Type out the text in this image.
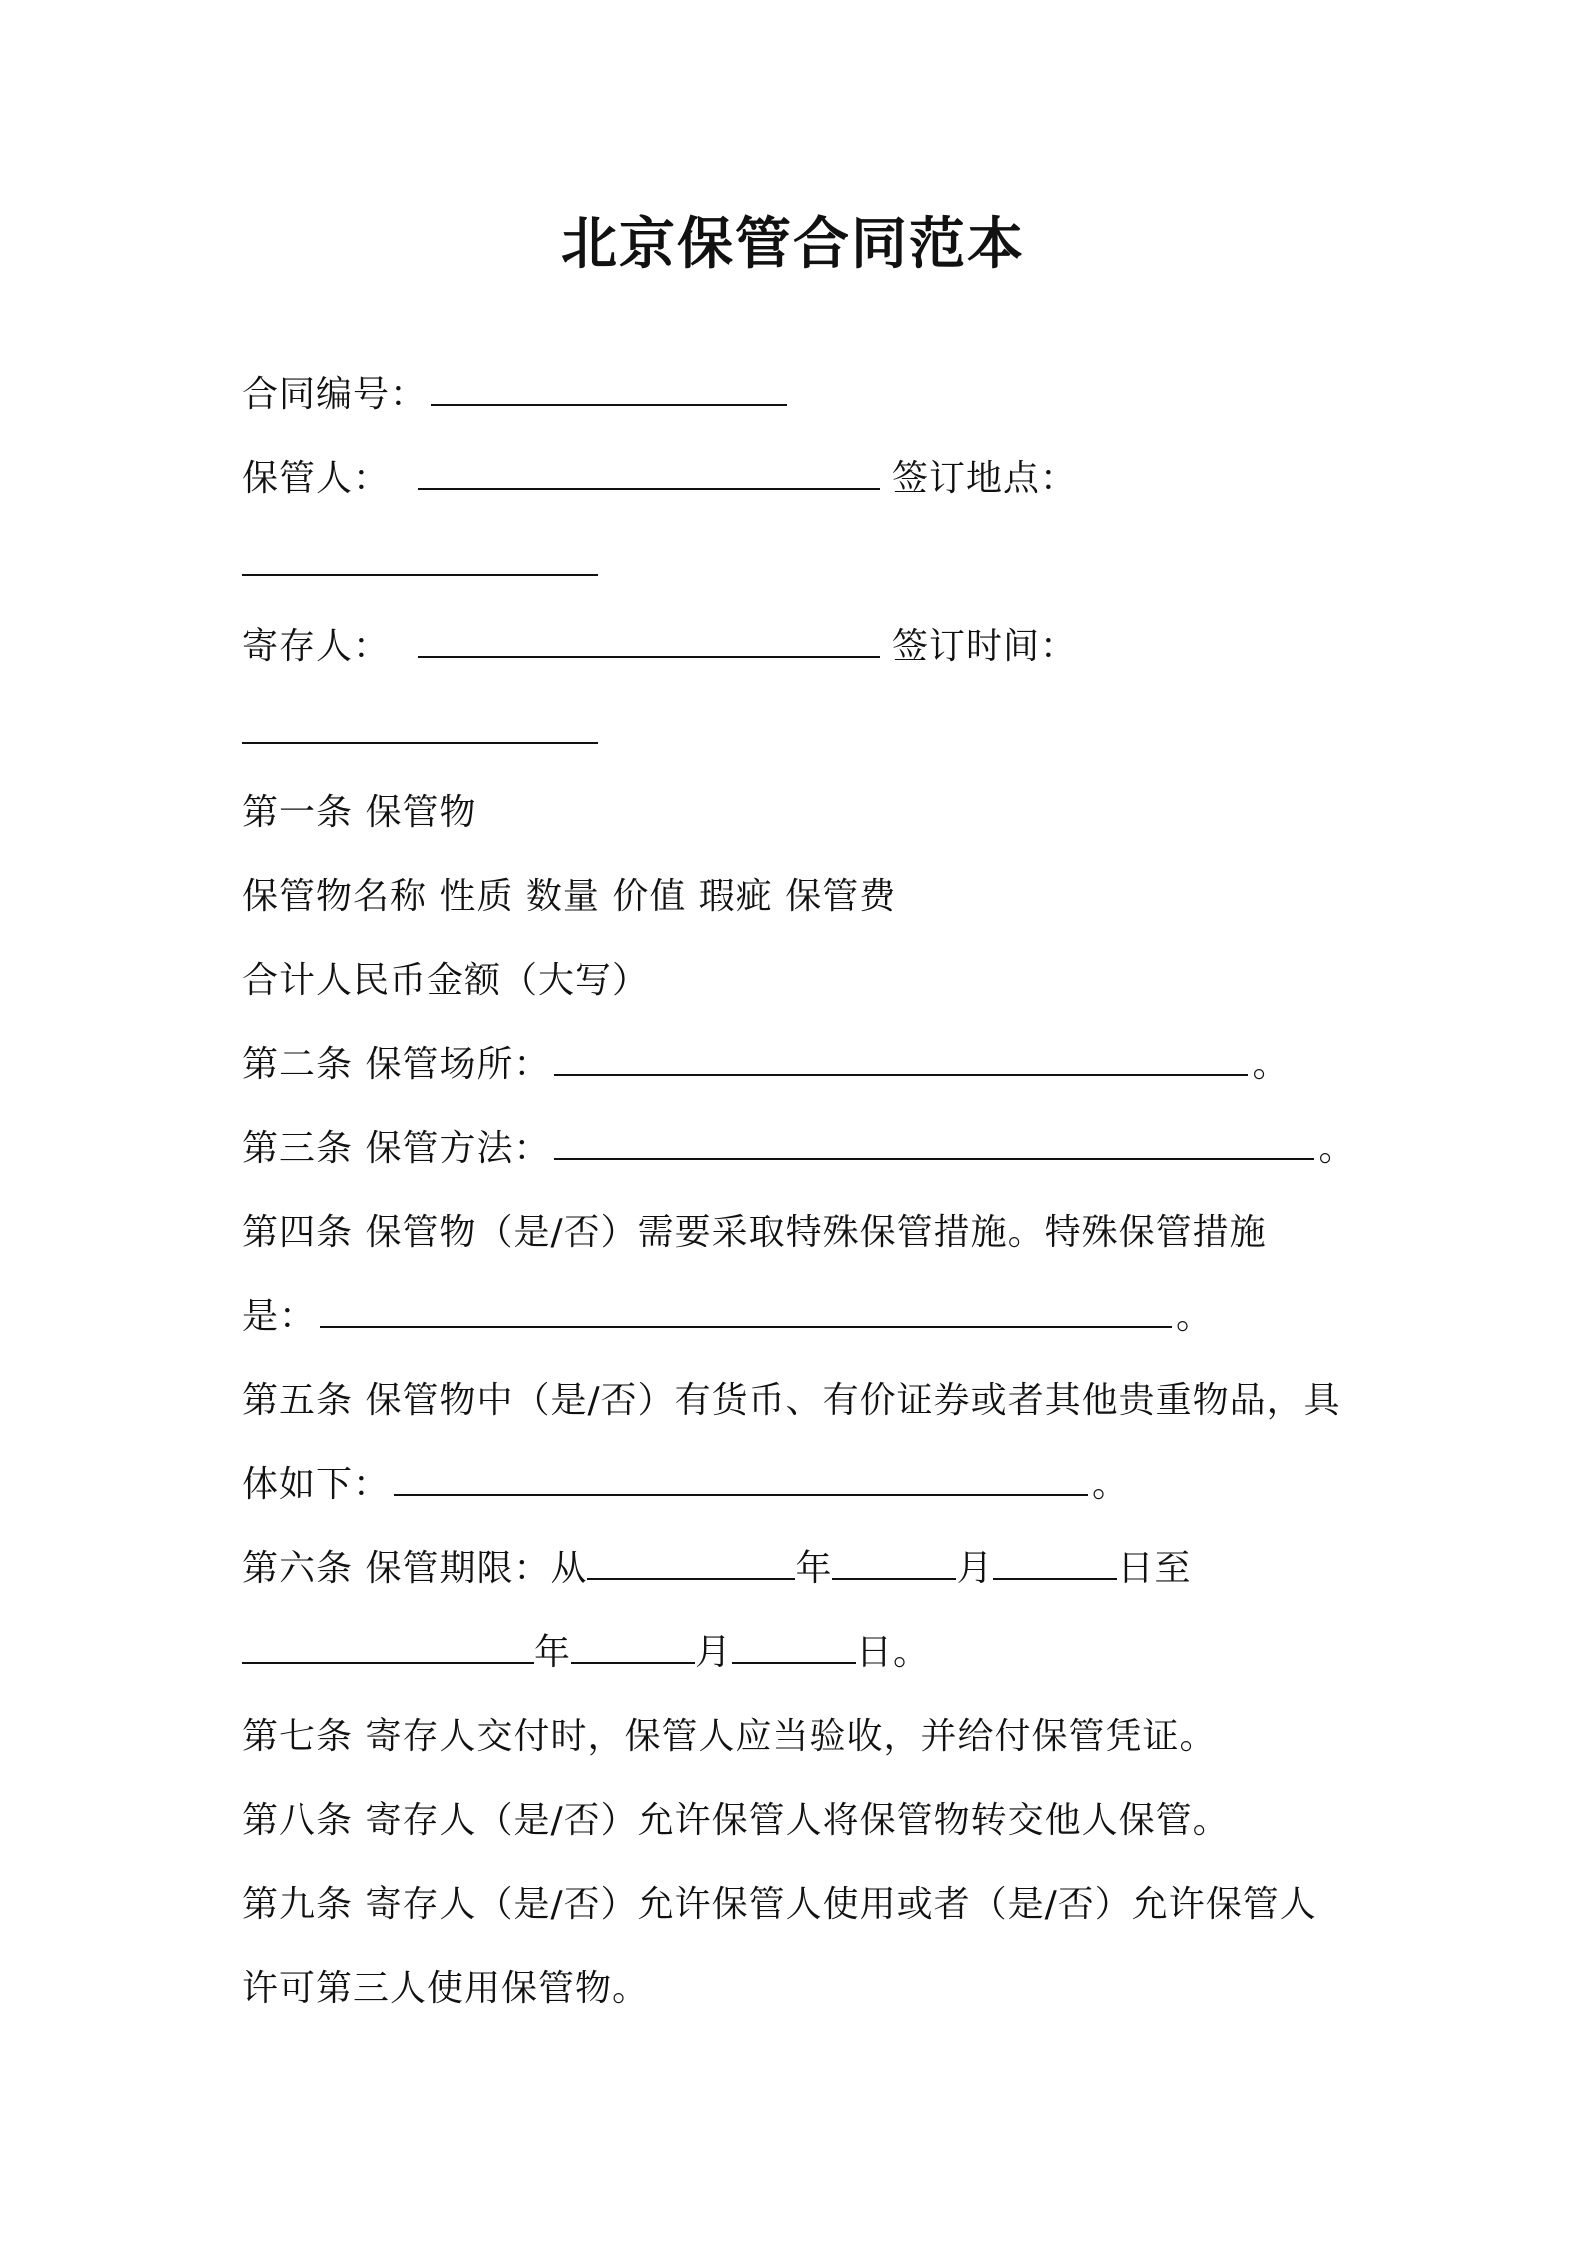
北京保管合同范本
合同编号：
保管人：	签订地点：
寄存人：	签订时间：
第一条 保管物
保管物名称 性质 数量 价值 瑕疵 保管费
合计人民币金额（大写）
第二条 保管场所：	。
第三条 保管方法：	。
第四条 保管物（是/否）需要采取特殊保管措施。特殊保管措施
是：	。
第五条 保管物中（是/否）有货币、有价证券或者其他贵重物品，具
体如下：	。
第六条 保管期限：从	年	月	日至
年	月	日。
第七条 寄存人交付时，保管人应当验收，并给付保管凭证。
第八条 寄存人（是/否）允许保管人将保管物转交他人保管。
第九条 寄存人（是/否）允许保管人使用或者（是/否）允许保管人
许可第三人使用保管物。
